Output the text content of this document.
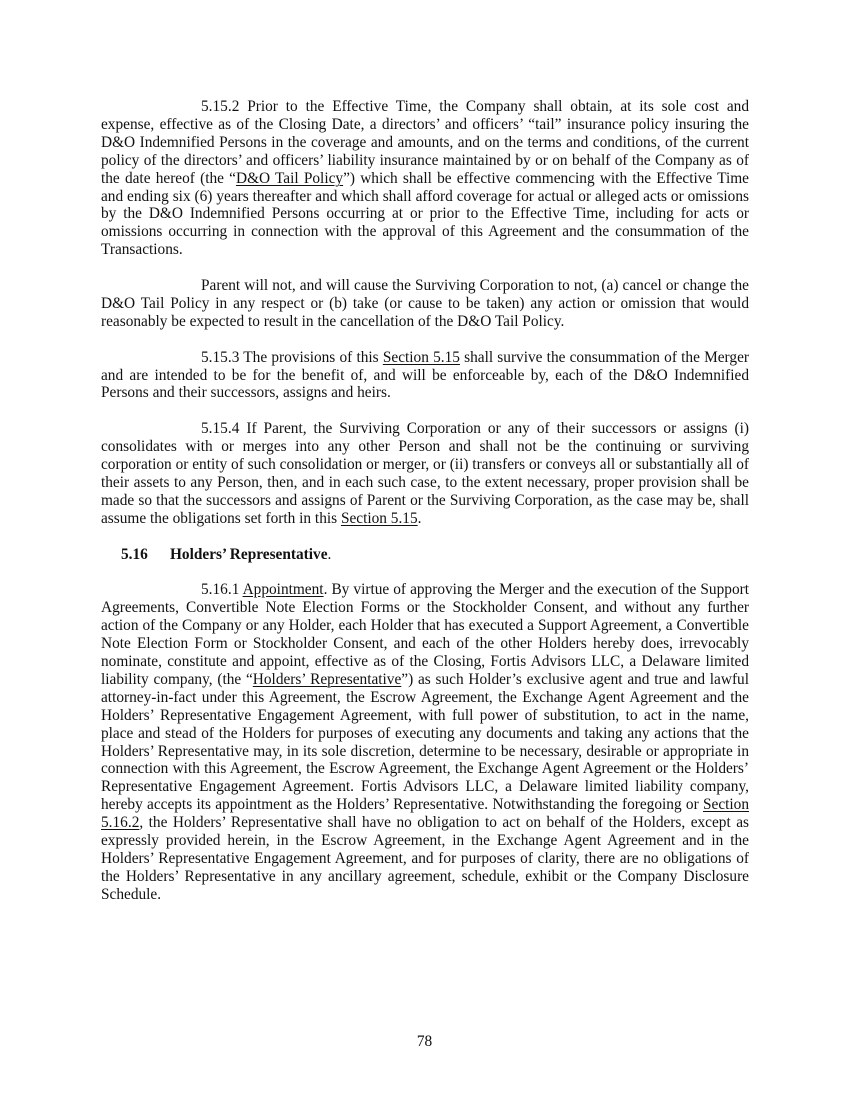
5.15.2 Prior to the Effective Time, the Company shall obtain, at its sole cost and expense, effective as of the Closing Date, a directors’ and officers’ “tail” insurance policy insuring the D&O Indemnified Persons in the coverage and amounts, and on the terms and conditions, of the current policy of the directors’ and officers’ liability insurance maintained by or on behalf of the Company as of the date hereof (the “D&O Tail Policy”) which shall be effective commencing with the Effective Time and ending six (6) years thereafter and which shall afford coverage for actual or alleged acts or omissions by the D&O Indemnified Persons occurring at or prior to the Effective Time, including for acts or omissions occurring in connection with the approval of this Agreement and the consummation of the Transactions.

Parent will not, and will cause the Surviving Corporation to not, (a) cancel or change the D&O Tail Policy in any respect or (b) take (or cause to be taken) any action or omission that would reasonably be expected to result in the cancellation of the D&O Tail Policy.

5.15.3 The provisions of this Section 5.15 shall survive the consummation of the Merger and are intended to be for the benefit of, and will be enforceable by, each of the D&O Indemnified Persons and their successors, assigns and heirs.

5.15.4 If Parent, the Surviving Corporation or any of their successors or assigns (i) consolidates with or merges into any other Person and shall not be the continuing or surviving corporation or entity of such consolidation or merger, or (ii) transfers or conveys all or substantially all of their assets to any Person, then, and in each such case, to the extent necessary, proper provision shall be made so that the successors and assigns of Parent or the Surviving Corporation, as the case may be, shall assume the obligations set forth in this Section 5.15.

5.16 Holders’ Representative.

5.16.1 Appointment. By virtue of approving the Merger and the execution of the Support Agreements, Convertible Note Election Forms or the Stockholder Consent, and without any further action of the Company or any Holder, each Holder that has executed a Support Agreement, a Convertible Note Election Form or Stockholder Consent, and each of the other Holders hereby does, irrevocably nominate, constitute and appoint, effective as of the Closing, Fortis Advisors LLC, a Delaware limited liability company, (the “Holders’ Representative”) as such Holder’s exclusive agent and true and lawful attorney-in-fact under this Agreement, the Escrow Agreement, the Exchange Agent Agreement and the Holders’ Representative Engagement Agreement, with full power of substitution, to act in the name, place and stead of the Holders for purposes of executing any documents and taking any actions that the Holders’ Representative may, in its sole discretion, determine to be necessary, desirable or appropriate in connection with this Agreement, the Escrow Agreement, the Exchange Agent Agreement or the Holders’ Representative Engagement Agreement. Fortis Advisors LLC, a Delaware limited liability company, hereby accepts its appointment as the Holders’ Representative. Notwithstanding the foregoing or Section 5.16.2, the Holders’ Representative shall have no obligation to act on behalf of the Holders, except as expressly provided herein, in the Escrow Agreement, in the Exchange Agent Agreement and in the Holders’ Representative Engagement Agreement, and for purposes of clarity, there are no obligations of the Holders’ Representative in any ancillary agreement, schedule, exhibit or the Company Disclosure Schedule.

78
